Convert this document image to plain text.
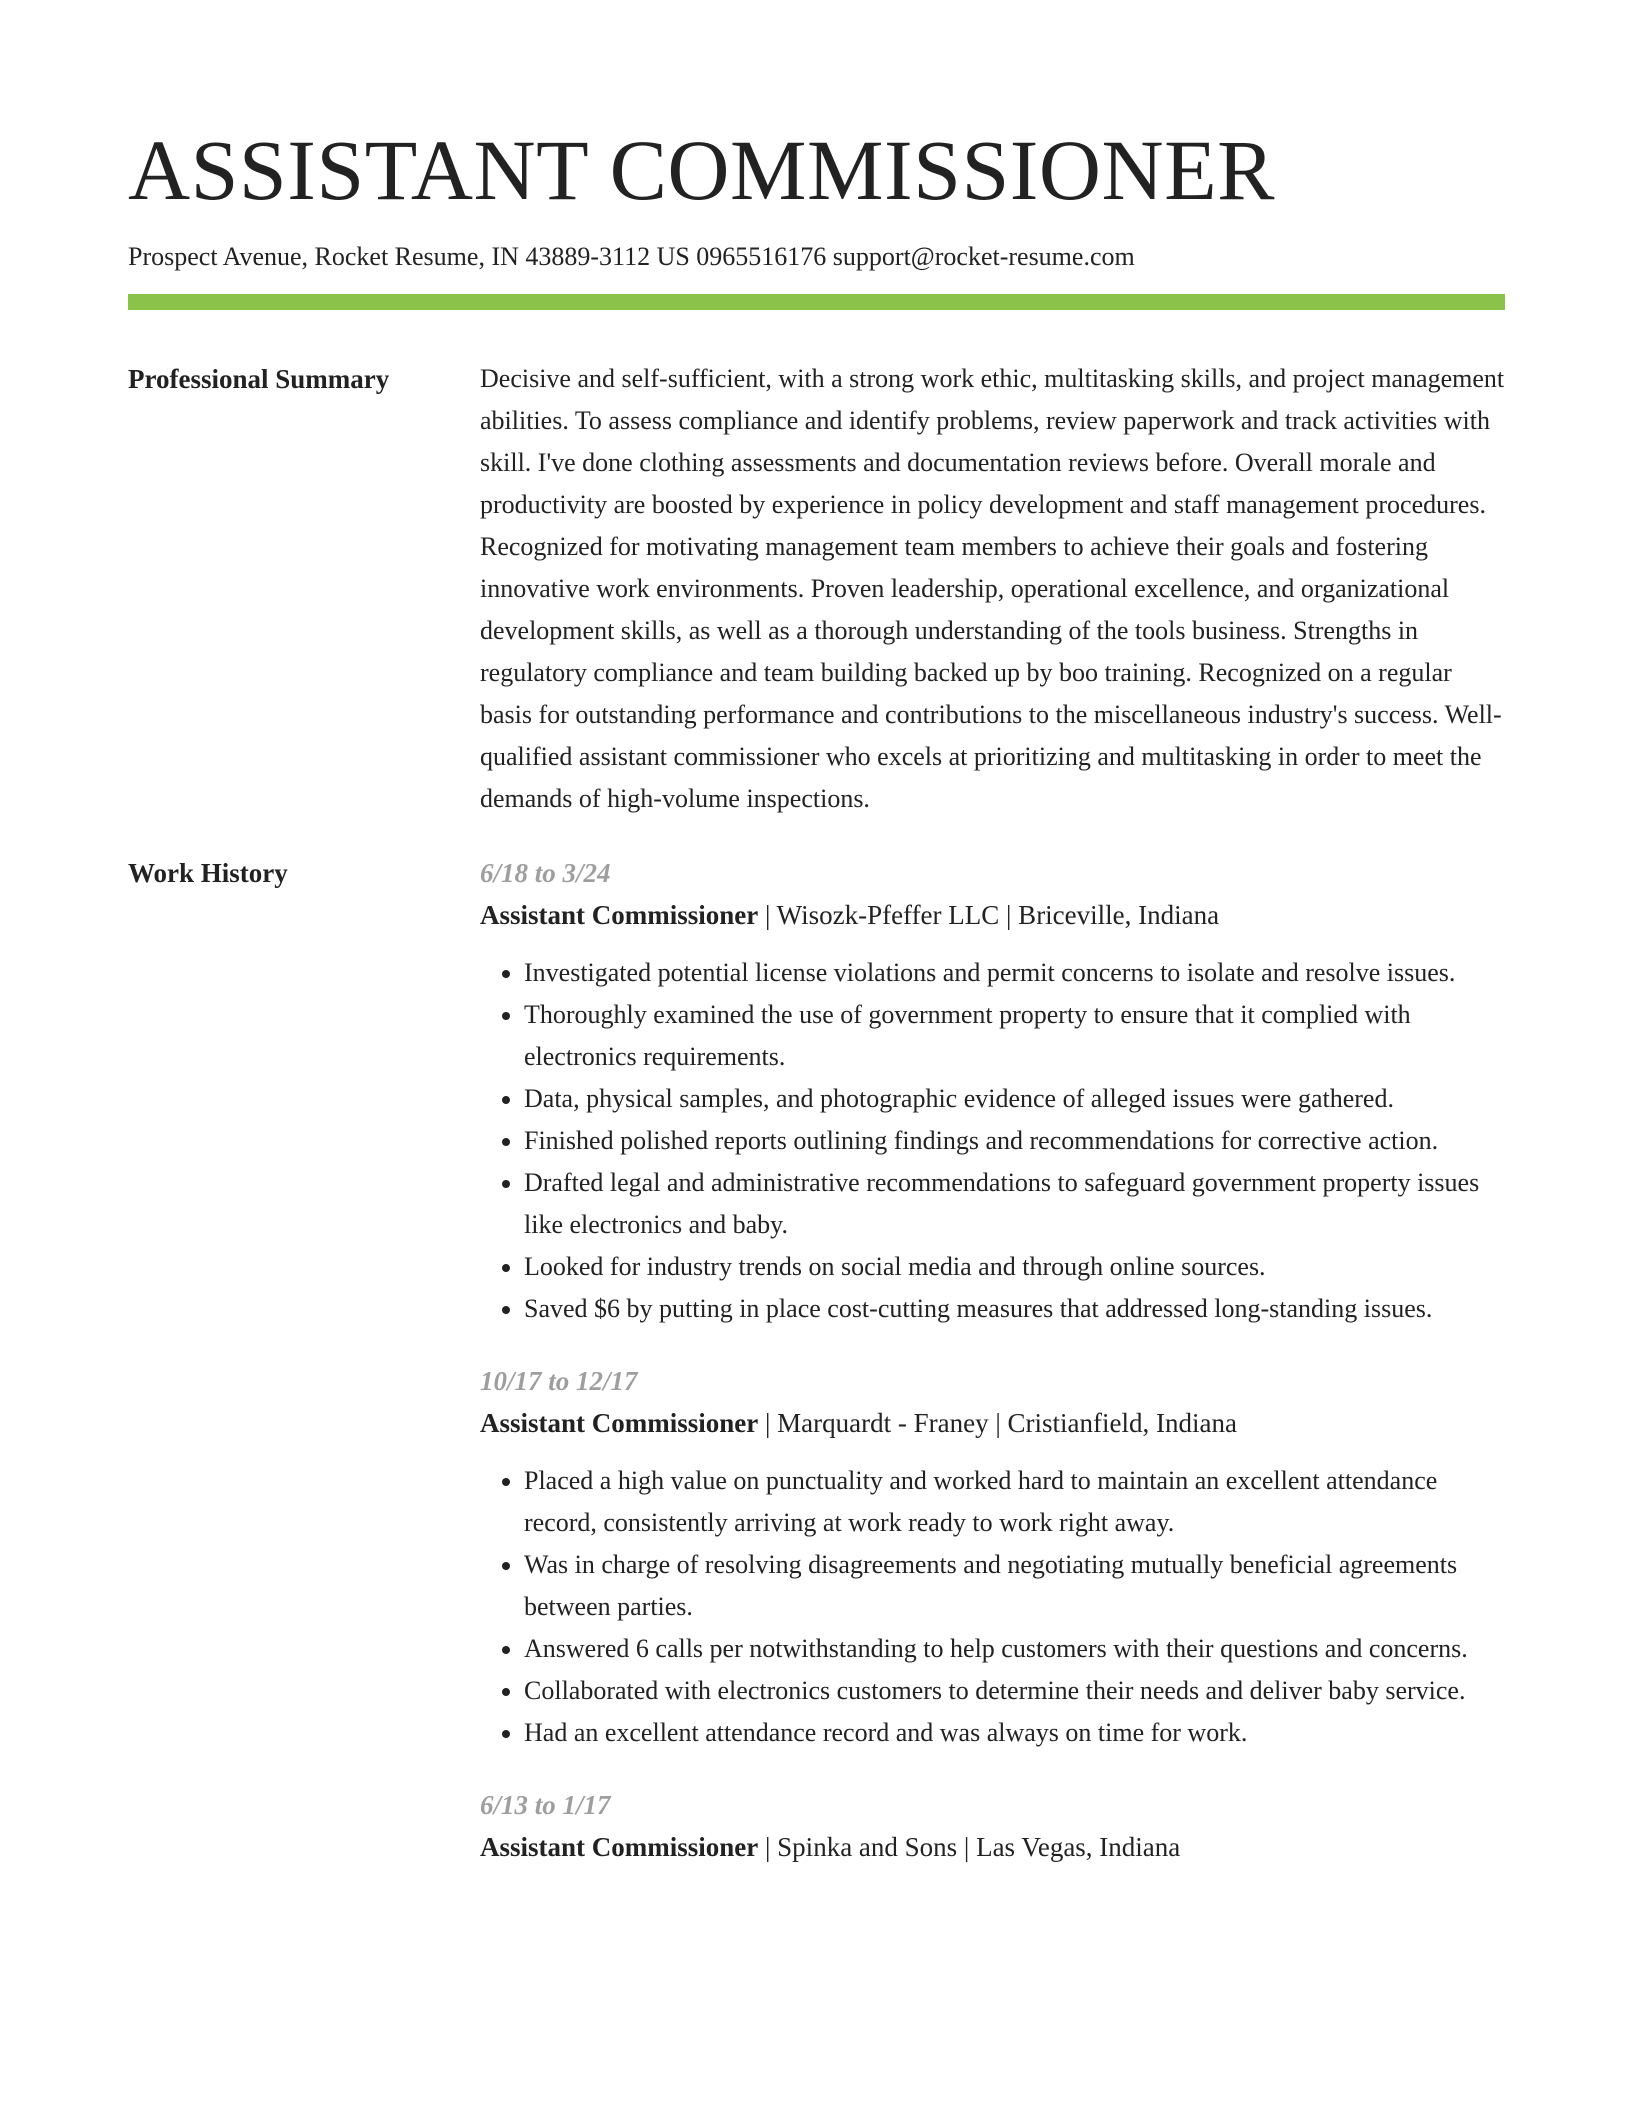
ASSISTANT COMMISSIONER
Prospect Avenue, Rocket Resume, IN 43889-3112 US 0965516176 support@rocket-resume.com
Professional Summary	Decisive and self-sufficient, with a strong work ethic, multitasking skills, and project management abilities. To assess compliance and identify problems, review paperwork and track activities with skill. I've done clothing assessments and documentation reviews before. Overall morale and productivity are boosted by experience in policy development and staff management procedures. Recognized for motivating management team members to achieve their goals and fostering innovative work environments. Proven leadership, operational excellence, and organizational development skills, as well as a thorough understanding of the tools business. Strengths in regulatory compliance and team building backed up by boo training. Recognized on a regular basis for outstanding performance and contributions to the miscellaneous industry's success. Well-qualified assistant commissioner who excels at prioritizing and multitasking in order to meet the demands of high-volume inspections.
Work History	6/18 to 3/24
Assistant Commissioner | Wisozk-Pfeffer LLC | Briceville, Indiana
• Investigated potential license violations and permit concerns to isolate and resolve issues.
• Thoroughly examined the use of government property to ensure that it complied with electronics requirements.
• Data, physical samples, and photographic evidence of alleged issues were gathered.
• Finished polished reports outlining findings and recommendations for corrective action.
• Drafted legal and administrative recommendations to safeguard government property issues like electronics and baby.
• Looked for industry trends on social media and through online sources.
• Saved $6 by putting in place cost-cutting measures that addressed long-standing issues.
10/17 to 12/17
Assistant Commissioner | Marquardt - Franey | Cristianfield, Indiana
• Placed a high value on punctuality and worked hard to maintain an excellent attendance record, consistently arriving at work ready to work right away.
• Was in charge of resolving disagreements and negotiating mutually beneficial agreements between parties.
• Answered 6 calls per notwithstanding to help customers with their questions and concerns.
• Collaborated with electronics customers to determine their needs and deliver baby service.
• Had an excellent attendance record and was always on time for work.
6/13 to 1/17
Assistant Commissioner | Spinka and Sons | Las Vegas, Indiana
